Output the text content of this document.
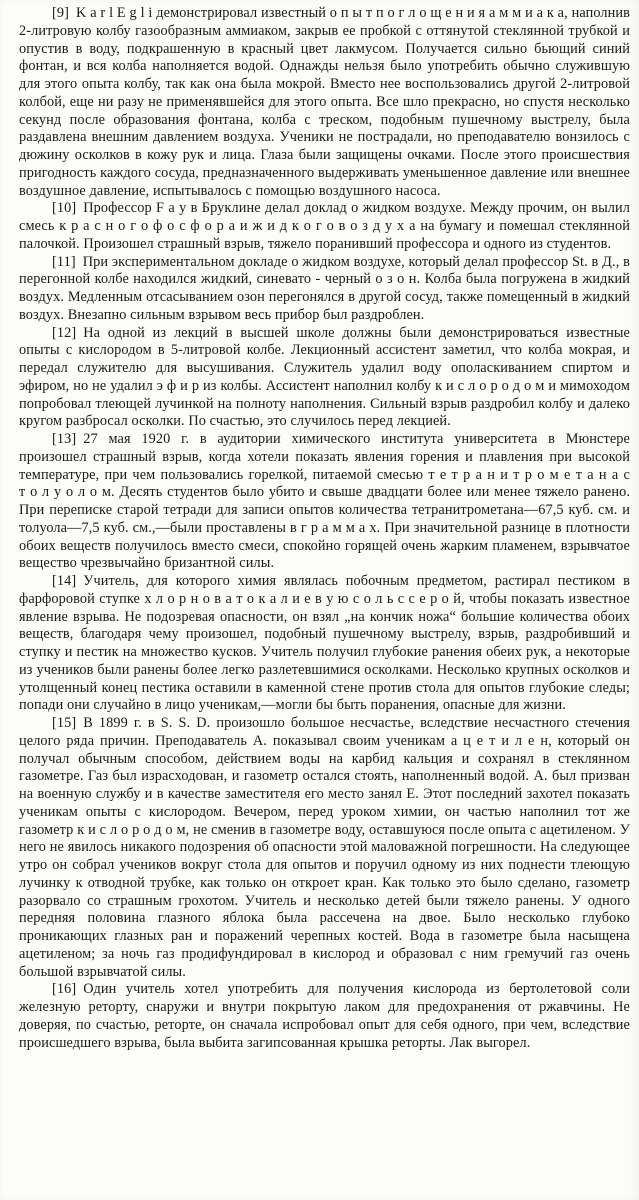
[9] K a r l E g l i демонстрировал известный о п ы т п о г л о щ е н и я а м м и а к а, наполнив 2-литровую колбу газообразным аммиаком, закрыв ее пробкой с оттянутой стеклянной трубкой и опустив в воду, подкрашенную в красный цвет лакмусом. Получается сильно бьющий синий фонтан, и вся колба наполняется водой. Однажды нельзя было употребить обычно служившую для этого опыта колбу, так как она была мокрой. Вместо нее воспользовались другой 2-литровой колбой, еще ни разу не применявшейся для этого опыта. Все шло прекрасно, но спустя несколько секунд после образования фонтана, колба с треском, подобным пушечному выстрелу, была раздавлена внешним давлением воздуха. Ученики не пострадали, но преподавателю вонзилось с дюжину осколков в кожу рук и лица. Глаза были защищены очками. После этого происшествия пригодность каждого сосуда, предназначенного выдерживать уменьшенное давление или внешнее воздушное давление, испытывалось с помощью воздушного насоса.

[10] Профессор F a y в Бруклине делал доклад о жидком воздухе. Между прочим, он вылил смесь к р а с н о г о ф о с ф о р а и ж и д к о г о в о з д у х а на бумагу и помешал стеклянной палочкой. Произошел страшный взрыв, тяжело поранивший профессора и одного из студентов.

[11] При экспериментальном докладе о жидком воздухе, который делал профессор St. в Д., в перегонной колбе находился жидкий, синевато - черный о з о н. Колба была погружена в жидкий воздух. Медленным отсасыванием озон перегонялся в другой сосуд, также помещенный в жидкий воздух. Внезапно сильным взрывом весь прибор был раздроблен.

[12] На одной из лекций в высшей школе должны были демонстрироваться известные опыты с кислородом в 5-литровой колбе. Лекционный ассистент заметил, что колба мокрая, и передал служителю для высушивания. Служитель удалил воду ополаскиванием спиртом и эфиром, но не удалил э ф и р из колбы. Ассистент наполнил колбу к и с л о р о д о м и мимоходом попробовал тлеющей лучинкой на полноту наполнения. Сильный взрыв раздробил колбу и далеко кругом разбросал осколки. По счастью, это случилось перед лекцией.

[13] 27 мая 1920 г. в аудитории химического института университета в Мюнстере произошел страшный взрыв, когда хотели показать явления горения и плавления при высокой температуре, при чем пользовались горелкой, питаемой смесью т е т р а н и т р о м е т а н а с т о л у о л о м. Десять студентов было убито и свыше двадцати более или менее тяжело ранено. При переписке старой тетради для записи опытов количества тетранитрометана—67,5 куб. см. и толуола—7,5 куб. см.,—были проставлены в г р а м м а х. При значительной разнице в плотности обоих веществ получилось вместо смеси, спокойно горящей очень жарким пламенем, взрывчатое вещество чрезвычайно бризантной силы.

[14] Учитель, для которого химия являлась побочным предметом, растирал пестиком в фарфоровой ступке х л о р н о в а т о к а л и е в у ю с о л ь с с е р о й, чтобы показать известное явление взрыва. Не подозревая опасности, он взял „на кончик ножа“ большие количества обоих веществ, благодаря чему произошел, подобный пушечному выстрелу, взрыв, раздробивший и ступку и пестик на множество кусков. Учитель получил глубокие ранения обеих рук, а некоторые из учеников были ранены более легко разлетевшимися осколками. Несколько крупных осколков и утолщенный конец пестика оставили в каменной стене против стола для опытов глубокие следы; попади они случайно в лицо ученикам,—могли бы быть поранения, опасные для жизни.

[15] В 1899 г. в S. S. D. произошло большое несчастье, вследствие несчастного стечения целого ряда причин. Преподаватель А. показывал своим ученикам а ц е т и л е н, который он получал обычным способом, действием воды на карбид кальция и сохранял в стеклянном газометре. Газ был израсходован, и газометр остался стоять, наполненный водой. А. был призван на военную службу и в качестве заместителя его место занял Е. Этот последний захотел показать ученикам опыты с кислородом. Вечером, перед уроком химии, он частью наполнил тот же газометр к и с л о р о д о м, не сменив в газометре воду, оставшуюся после опыта с ацетиленом. У него не явилось никакого подозрения об опасности этой маловажной погрешности. На следующее утро он собрал учеников вокруг стола для опытов и поручил одному из них поднести тлеющую лучинку к отводной трубке, как только он откроет кран. Как только это было сделано, газометр разорвало со страшным грохотом. Учитель и несколько детей были тяжело ранены. У одного передняя половина глазного яблока была рассечена на двое. Было несколько глубоко проникающих глазных ран и поражений черепных костей. Вода в газометре была насыщена ацетиленом; за ночь газ продифундировал в кислород и образовал с ним гремучий газ очень большой взрывчатой силы.

[16] Один учитель хотел употребить для получения кислорода из бертолетовой соли железную реторту, снаружи и внутри покрытую лаком для предохранения от ржавчины. Не доверяя, по счастью, реторте, он сначала испробовал опыт для себя одного, при чем, вследствие происшедшего взрыва, была выбита загипсованная крышка реторты. Лак выгорел.
